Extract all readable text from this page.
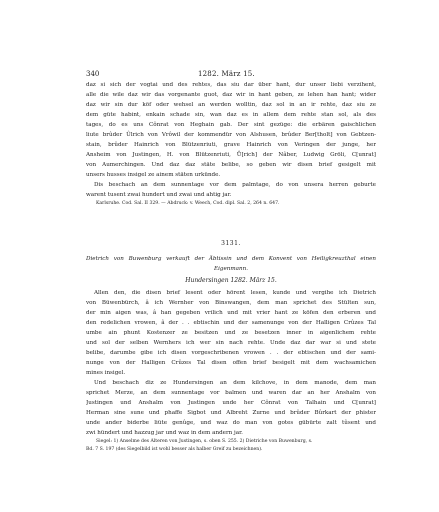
340	1282. März 15.
daz si sich der vogtai und des rehtes, das siu dar über hant, dur unser liebi verzihent,
alle die wile daz wir das vorgenante guot, daz wir in hant geben, ze lehen han hant; wider
daz wir sin dur köf oder wehsel an werden wolltin, daz sol in an ir rehte, daz siu ze
dem güte habint, enkain schade sin, wan daz es in allem dem rehte stan sol, als des
tages, do es uns Cônrat von Heghain gab. Der sint gezüge: die erbären gaischlichen
liute brûder Ûlrich von Vrôwil der kommendür von Alshusen, brûder Ber[tholt] von Gebtzen-
stain, brûder Hainrich von Blützenriuti, grave Hainrich von Veringen der junge, her
Ansheim von Justingen, H. von Blützenriuti, Ů[rich] der Nâber, Ludwig Gröli, C[unrat]
von Aumerchingen. Und daz daz stäte belibe, so geben wir disen brief gesigelt mit
unsers husses insigel ze ainem stäten urkünde.
Dis beschach an dem sunnentage vor dem palmtage, do von unsera herren geburte
warent tusent zwai hundert und zwai und ahtig jar.
Karlsruhe. Cod. Sal. II 329. — Abdruck: v. Weech, Cod. dipl. Sal. 2, 264 n. 647.
3131.
Dietrich von Buwenburg verkauft der Äbtissin und dem Konvent von Heiligkreuzthal einen
Eigenmann.
Hundersingen 1282. März 15.
Allen den, die disen brief lesent oder hörent lesen, kunde und vergihe ich Dietrich
von Büwenbürch, â ich Wernher von Binswangen, dem man sprichet des Stülten sun,
der min aigen was, â han gegeben vrilich und mit vrier hant ze köfen den erberen und
den redelichen vrowen, â der . . ebtischin und der samenunge von der Halligen Crûzes Tal
umbe ain phunt Kostenzer ze besitzen und ze besetzen inner in aigenlichem rehte
und sol der selben Wernhers ich wer sin nach rehte. Unde daz dar war si und stete
belibe, darumbe gibe ich disen vorgeschribenen vrowen . . der ebtischen und der sami-
nunge von der Halligen Crûzes Tal disen offen brief besigelt mit dem wachsamichen
mines insigel.
Und beschach diz ze Hundersingen an dem kilchove, in dem manode, dem man
sprichet Merze, an dem sunnentage vor balmen und waren dar an her Anshalm von
Justingen und Anshalm von Justingen unde her Cônrat von Talhain und C[unrat]
Herman sine sune und phaffe Sigbot und Albreht Zurne und brûder Bûrkart der phister
unde ander biderbe liüte genûge, und waz do man von gotes gübürte zalt tûsent und
zwi hündert und hazzug jar und waz in dem andern jar.
Siegel: 1) Anselme des Älteren von Justingen, s. oben S. 255. 2) Dietriche von Buwenburg, s.
Bd. 7 S. 197 (des Siegelbild ist wohl besser als halber Greif zu bezeichnen).
